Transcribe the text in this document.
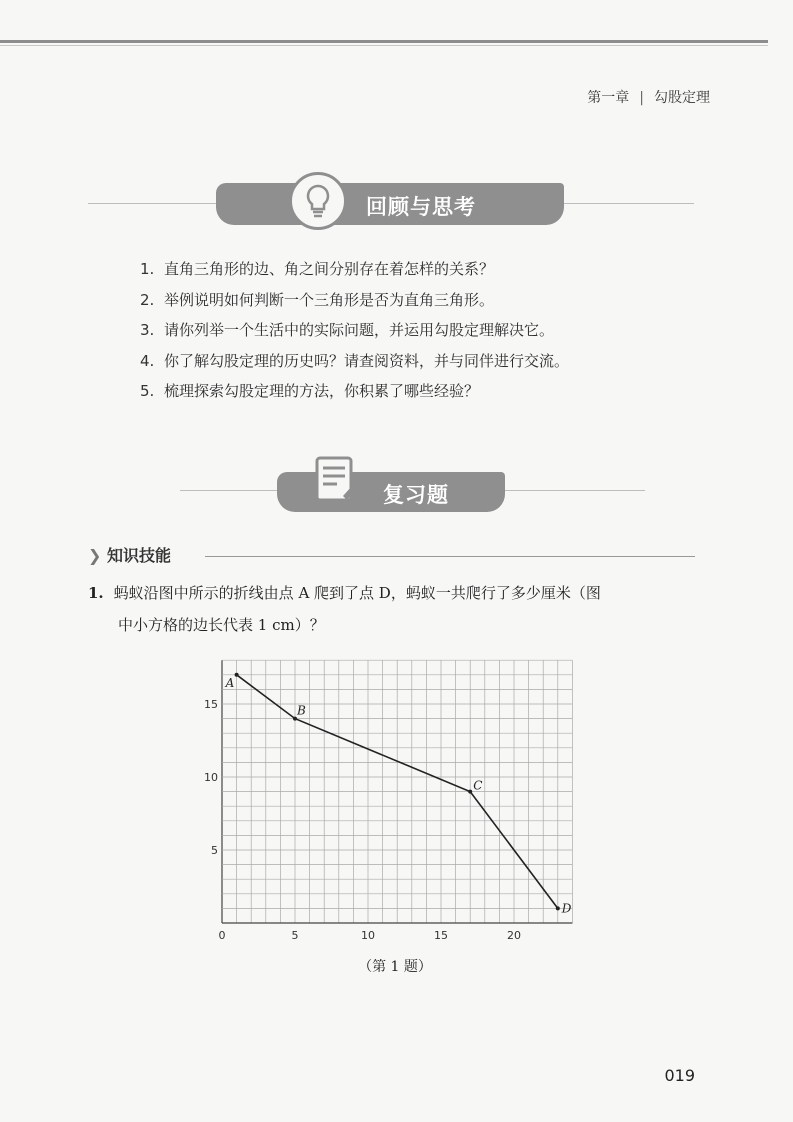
第一章 | 勾股定理
回顾与思考
1. 直角三角形的边、角之间分别存在着怎样的关系？
2. 举例说明如何判断一个三角形是否为直角三角形。
3. 请你列举一个生活中的实际问题，并运用勾股定理解决它。
4. 你了解勾股定理的历史吗？请查阅资料，并与同伴进行交流。
5. 梳理探索勾股定理的方法，你积累了哪些经验？
复习题
❯ 知识技能
1. 蚂蚁沿图中所示的折线由点 A 爬到了点 D，蚂蚁一共爬行了多少厘米（图
中小方格的边长代表 1 cm）？
0	5	10	15	20
5
10
15
A
B
C
D
（第 1 题）
019
